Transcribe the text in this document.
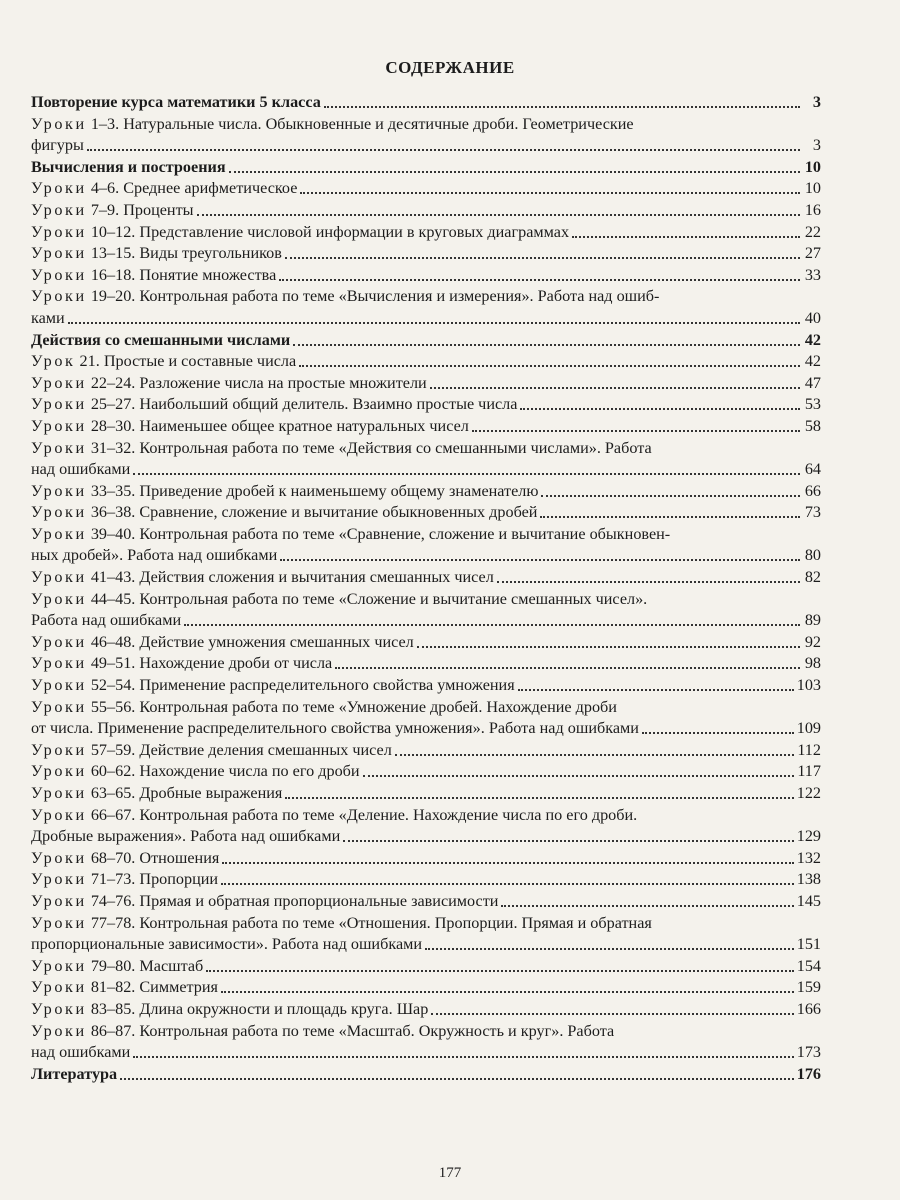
СОДЕРЖАНИЕ
Повторение курса математики 5 класса	3
Уроки 1–3. Натуральные числа. Обыкновенные и десятичные дроби. Геометрические
фигуры	3
Вычисления и построения	10
Уроки 4–6. Среднее арифметическое	10
Уроки 7–9. Проценты	16
Уроки 10–12. Представление числовой информации в круговых диаграммах	22
Уроки 13–15. Виды треугольников	27
Уроки 16–18. Понятие множества	33
Уроки 19–20. Контрольная работа по теме «Вычисления и измерения». Работа над ошиб-
ками	40
Действия со смешанными числами	42
Урок 21. Простые и составные числа	42
Уроки 22–24. Разложение числа на простые множители	47
Уроки 25–27. Наибольший общий делитель. Взаимно простые числа	53
Уроки 28–30. Наименьшее общее кратное натуральных чисел	58
Уроки 31–32. Контрольная работа по теме «Действия со смешанными числами». Работа
над ошибками	64
Уроки 33–35. Приведение дробей к наименьшему общему знаменателю	66
Уроки 36–38. Сравнение, сложение и вычитание обыкновенных дробей	73
Уроки 39–40. Контрольная работа по теме «Сравнение, сложение и вычитание обыкновен-
ных дробей». Работа над ошибками	80
Уроки 41–43. Действия сложения и вычитания смешанных чисел	82
Уроки 44–45. Контрольная работа по теме «Сложение и вычитание смешанных чисел».
Работа над ошибками	89
Уроки 46–48. Действие умножения смешанных чисел	92
Уроки 49–51. Нахождение дроби от числа	98
Уроки 52–54. Применение распределительного свойства умножения	103
Уроки 55–56. Контрольная работа по теме «Умножение дробей. Нахождение дроби
от числа. Применение распределительного свойства умножения». Работа над ошибками	109
Уроки 57–59. Действие деления смешанных чисел	112
Уроки 60–62. Нахождение числа по его дроби	117
Уроки 63–65. Дробные выражения	122
Уроки 66–67. Контрольная работа по теме «Деление. Нахождение числа по его дроби.
Дробные выражения». Работа над ошибками	129
Уроки 68–70. Отношения	132
Уроки 71–73. Пропорции	138
Уроки 74–76. Прямая и обратная пропорциональные зависимости	145
Уроки 77–78. Контрольная работа по теме «Отношения. Пропорции. Прямая и обратная
пропорциональные зависимости». Работа над ошибками	151
Уроки 79–80. Масштаб	154
Уроки 81–82. Симметрия	159
Уроки 83–85. Длина окружности и площадь круга. Шар	166
Уроки 86–87. Контрольная работа по теме «Масштаб. Окружность и круг». Работа
над ошибками	173
Литература	176
177
